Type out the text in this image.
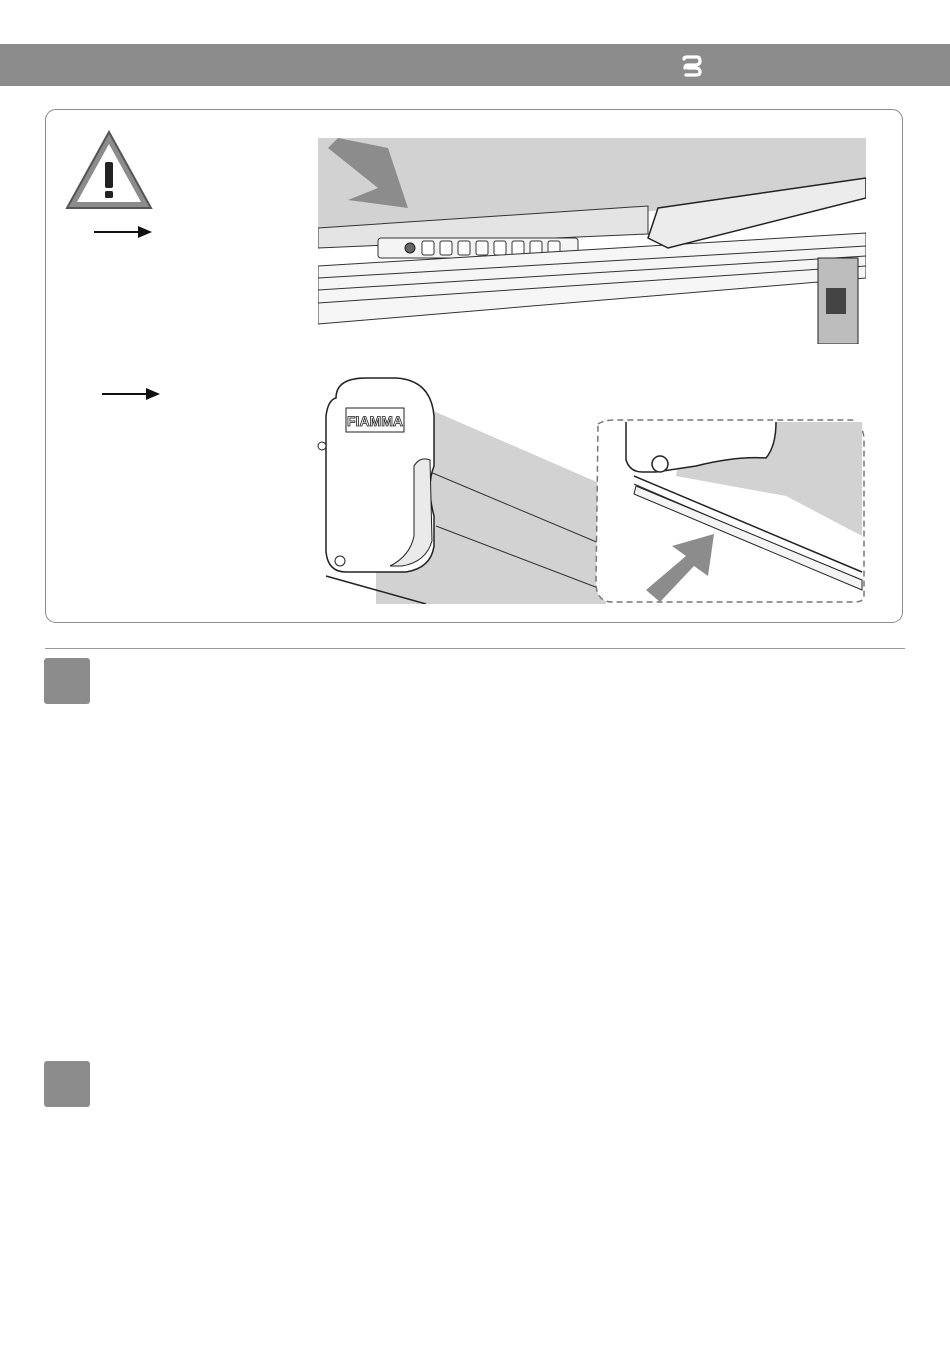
FIAMMA
